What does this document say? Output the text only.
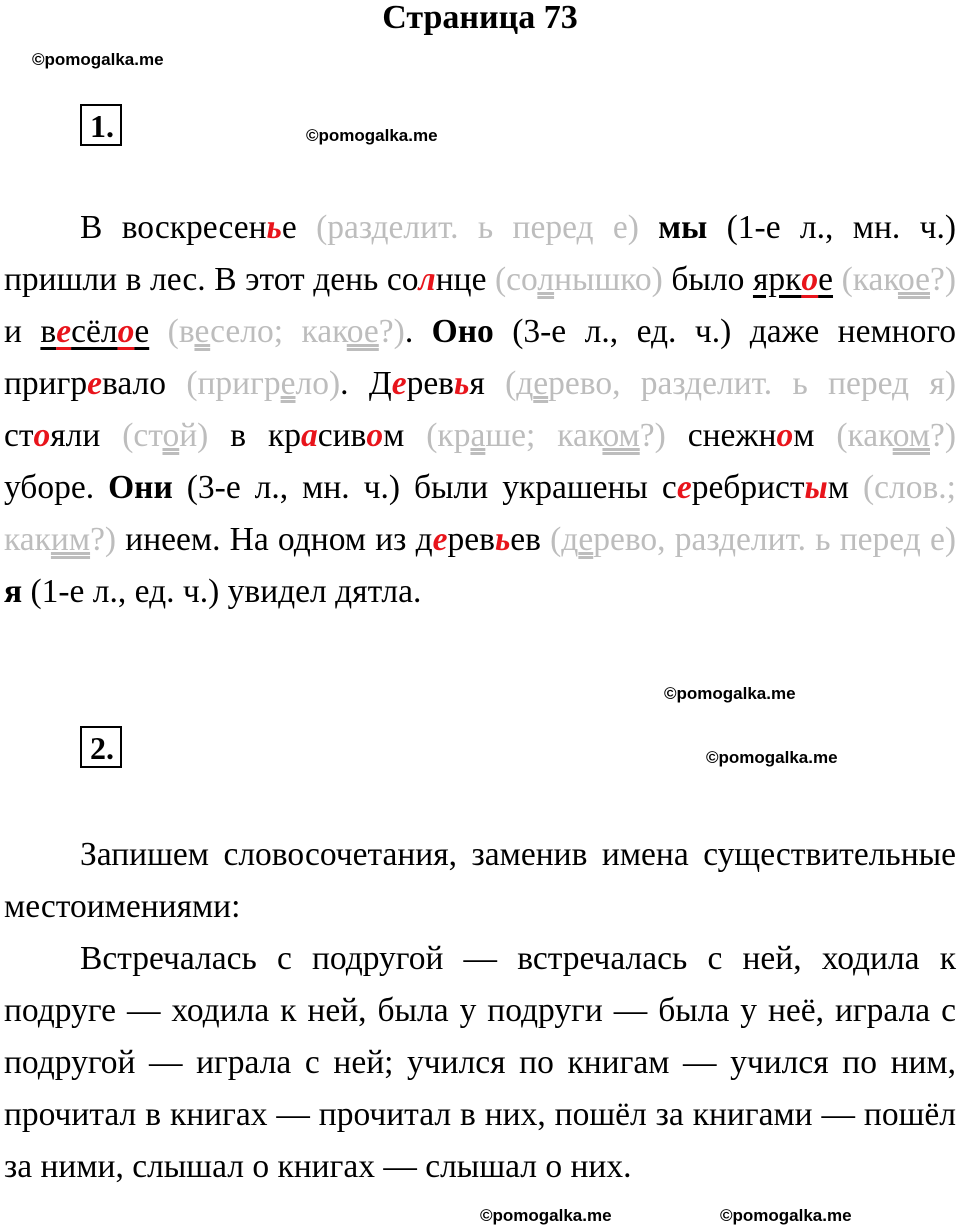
Страница 73
©pomogalka.me
©pomogalka.me
©pomogalka.me
©pomogalka.me
1.

В воскресенье (разделит. ь перед е) мы (1-е л., мн. ч.) пришли в лес. В этот день солнце (солнышко) было яркое (какое?) и весёлое (весело; какое?). Оно (3-е л., ед. ч.) даже немного пригревало (пригрело). Деревья (дерево, разделит. ь перед я) стояли (стой) в красивом (краше; каком?) снежном (каком?) уборе. Они (3-е л., мн. ч.) были украшены серебристым (слов.; каким?) инеем. На одном из деревьев (дерево, разделит. ь перед е) я (1-е л., ед. ч.) увидел дятла.

2.

Запишем словосочетания, заменив имена существительные местоимениями:

Встречалась с подругой — встречалась с ней, ходила к подруге — ходила к ней, была у подруги — была у неё, играла с подругой — играла с ней; учился по книгам — учился по ним, прочитал в книгах — прочитал в них, пошёл за книгами — пошёл за ними, слышал о книгах — слышал о них.

©pomogalka.me	©pomogalka.me
